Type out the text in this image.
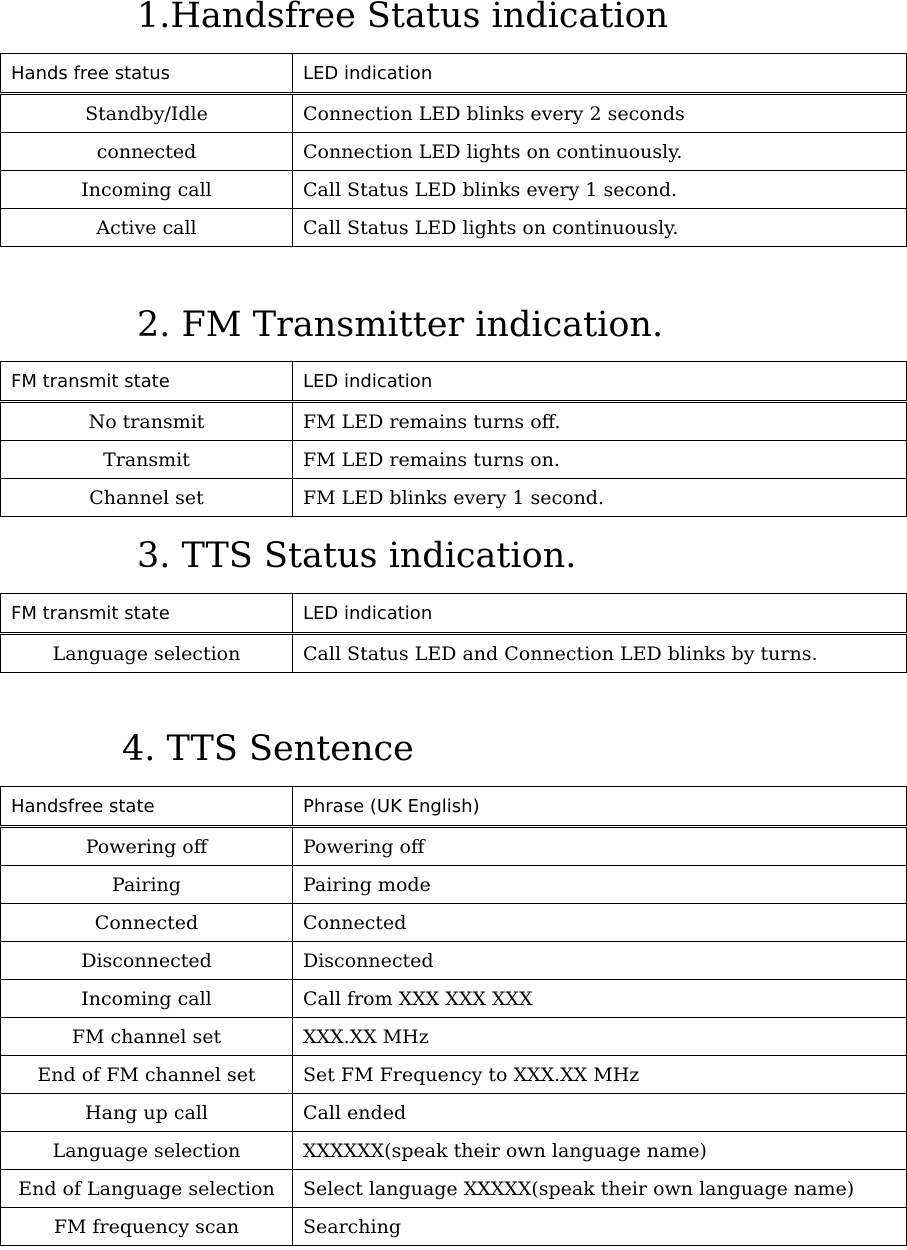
1.Handsfree Status indication
Hands free status	LED indication
Standby/Idle	Connection LED blinks every 2 seconds
connected	Connection LED lights on continuously.
Incoming call	Call Status LED blinks every 1 second.
Active call	Call Status LED lights on continuously.
2. FM Transmitter indication.
FM transmit state	LED indication
No transmit	FM LED remains turns off.
Transmit	FM LED remains turns on.
Channel set	FM LED blinks every 1 second.
3. TTS Status indication.
FM transmit state	LED indication
Language selection	Call Status LED and Connection LED blinks by turns.
4. TTS Sentence
Handsfree state	Phrase (UK English)
Powering off	Powering off
Pairing	Pairing mode
Connected	Connected
Disconnected	Disconnected
Incoming call	Call from XXX XXX XXX
FM channel set	XXX.XX MHz
End of FM channel set	Set FM Frequency to XXX.XX MHz
Hang up call	Call ended
Language selection	XXXXXX(speak their own language name)
End of Language selection	Select language XXXXX(speak their own language name)
FM frequency scan	Searching
